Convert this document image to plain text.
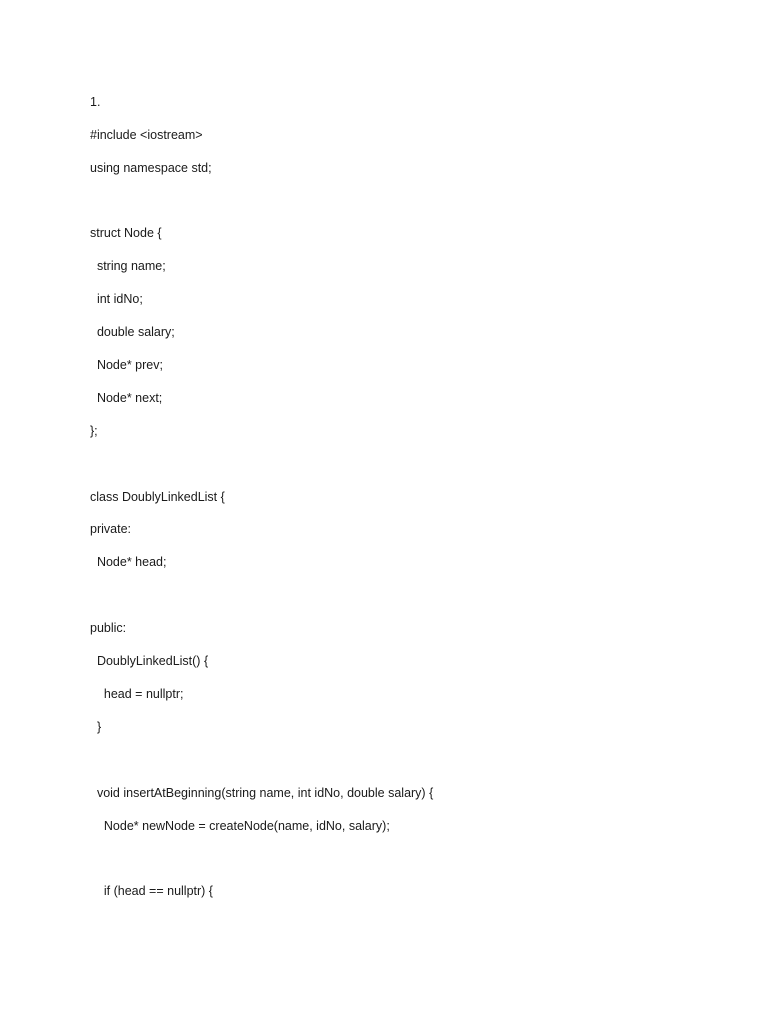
1.
#include <iostream>
using namespace std;
struct Node {
string name;
int idNo;
double salary;
Node* prev;
Node* next;
};
class DoublyLinkedList {
private:
Node* head;
public:
DoublyLinkedList() {
head = nullptr;
}
void insertAtBeginning(string name, int idNo, double salary) {
Node* newNode = createNode(name, idNo, salary);
if (head == nullptr) {
